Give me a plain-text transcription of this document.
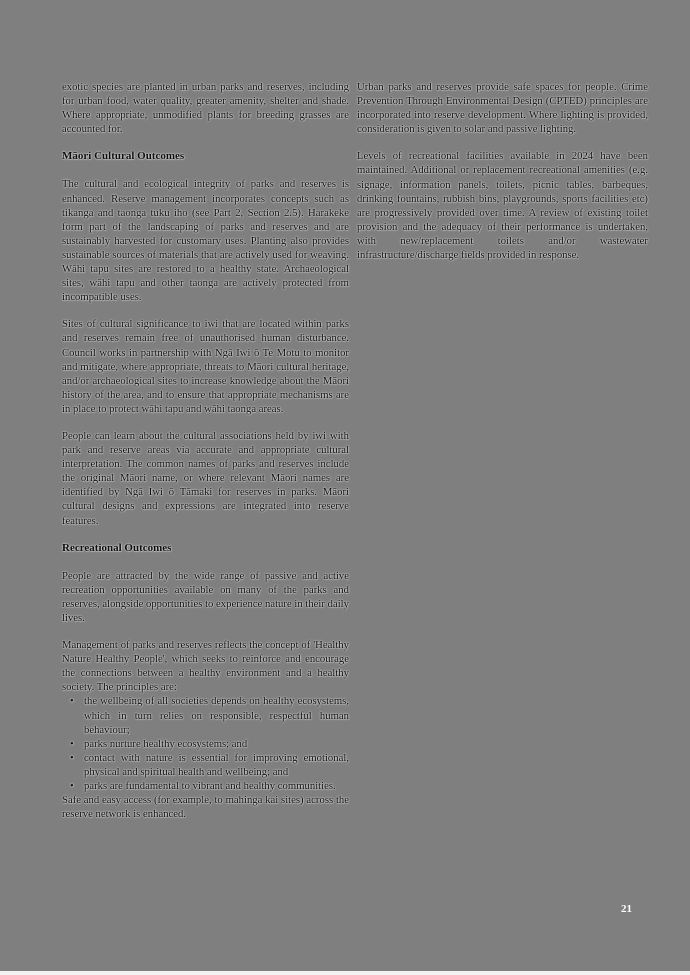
exotic species are planted in urban parks and reserves, including for urban food, water quality, greater amenity, shelter and shade. Where appropriate, unmodified plants for breeding grasses are accounted for.

Māori Cultural Outcomes

The cultural and ecological integrity of parks and reserves is enhanced. Reserve management incorporates concepts such as tikanga and taonga tuku iho (see Part 2, Section 2.5). Harakeke form part of the landscaping of parks and reserves and are sustainably harvested for customary uses. Planting also provides sustainable sources of materials that are actively used for weaving. Wāhi tapu sites are restored to a healthy state. Archaeological sites, wāhi tapu and other taonga are actively protected from incompatible uses.

Sites of cultural significance to iwi that are located within parks and reserves remain free of unauthorised human disturbance. Council works in partnership with Ngā Iwi ō Te Motu to monitor and mitigate, where appropriate, threats to Māori cultural heritage, and/or archaeological sites to increase knowledge about the Māori history of the area, and to ensure that appropriate mechanisms are in place to protect wāhi tapu and wāhi taonga areas.

People can learn about the cultural associations held by iwi with park and reserve areas via accurate and appropriate cultural interpretation. The common names of parks and reserves include the original Māori name, or where relevant Māori names are identified by Ngā Iwi ō Tāmaki for reserves in parks. Māori cultural designs and expressions are integrated into reserve features.

Recreational Outcomes

People are attracted by the wide range of passive and active recreation opportunities available on many of the parks and reserves, alongside opportunities to experience nature in their daily lives.

Management of parks and reserves reflects the concept of 'Healthy Nature Healthy People', which seeks to reinforce and encourage the connections between a healthy environment and a healthy society. The principles are:

• the wellbeing of all societies depends on healthy ecosystems, which in turn relies on responsible, respectful human behaviour;
• parks nurture healthy ecosystems; and
• contact with nature is essential for improving emotional, physical and spiritual health and wellbeing; and
• parks are fundamental to vibrant and healthy communities.

Safe and easy access (for example, to mahinga kai sites) across the reserve network is enhanced.

Urban parks and reserves provide safe spaces for people. Crime Prevention Through Environmental Design (CPTED) principles are incorporated into reserve development. Where lighting is provided, consideration is given to solar and passive lighting.

Levels of recreational facilities available in 2024 have been maintained. Additional or replacement recreational amenities (e.g. signage, information panels, toilets, picnic tables, barbeques, drinking fountains, rubbish bins, playgrounds, sports facilities etc) are progressively provided over time. A review of existing toilet provision and the adequacy of their performance is undertaken, with new/replacement toilets and/or wastewater infrastructure/discharge fields provided in response.

21
